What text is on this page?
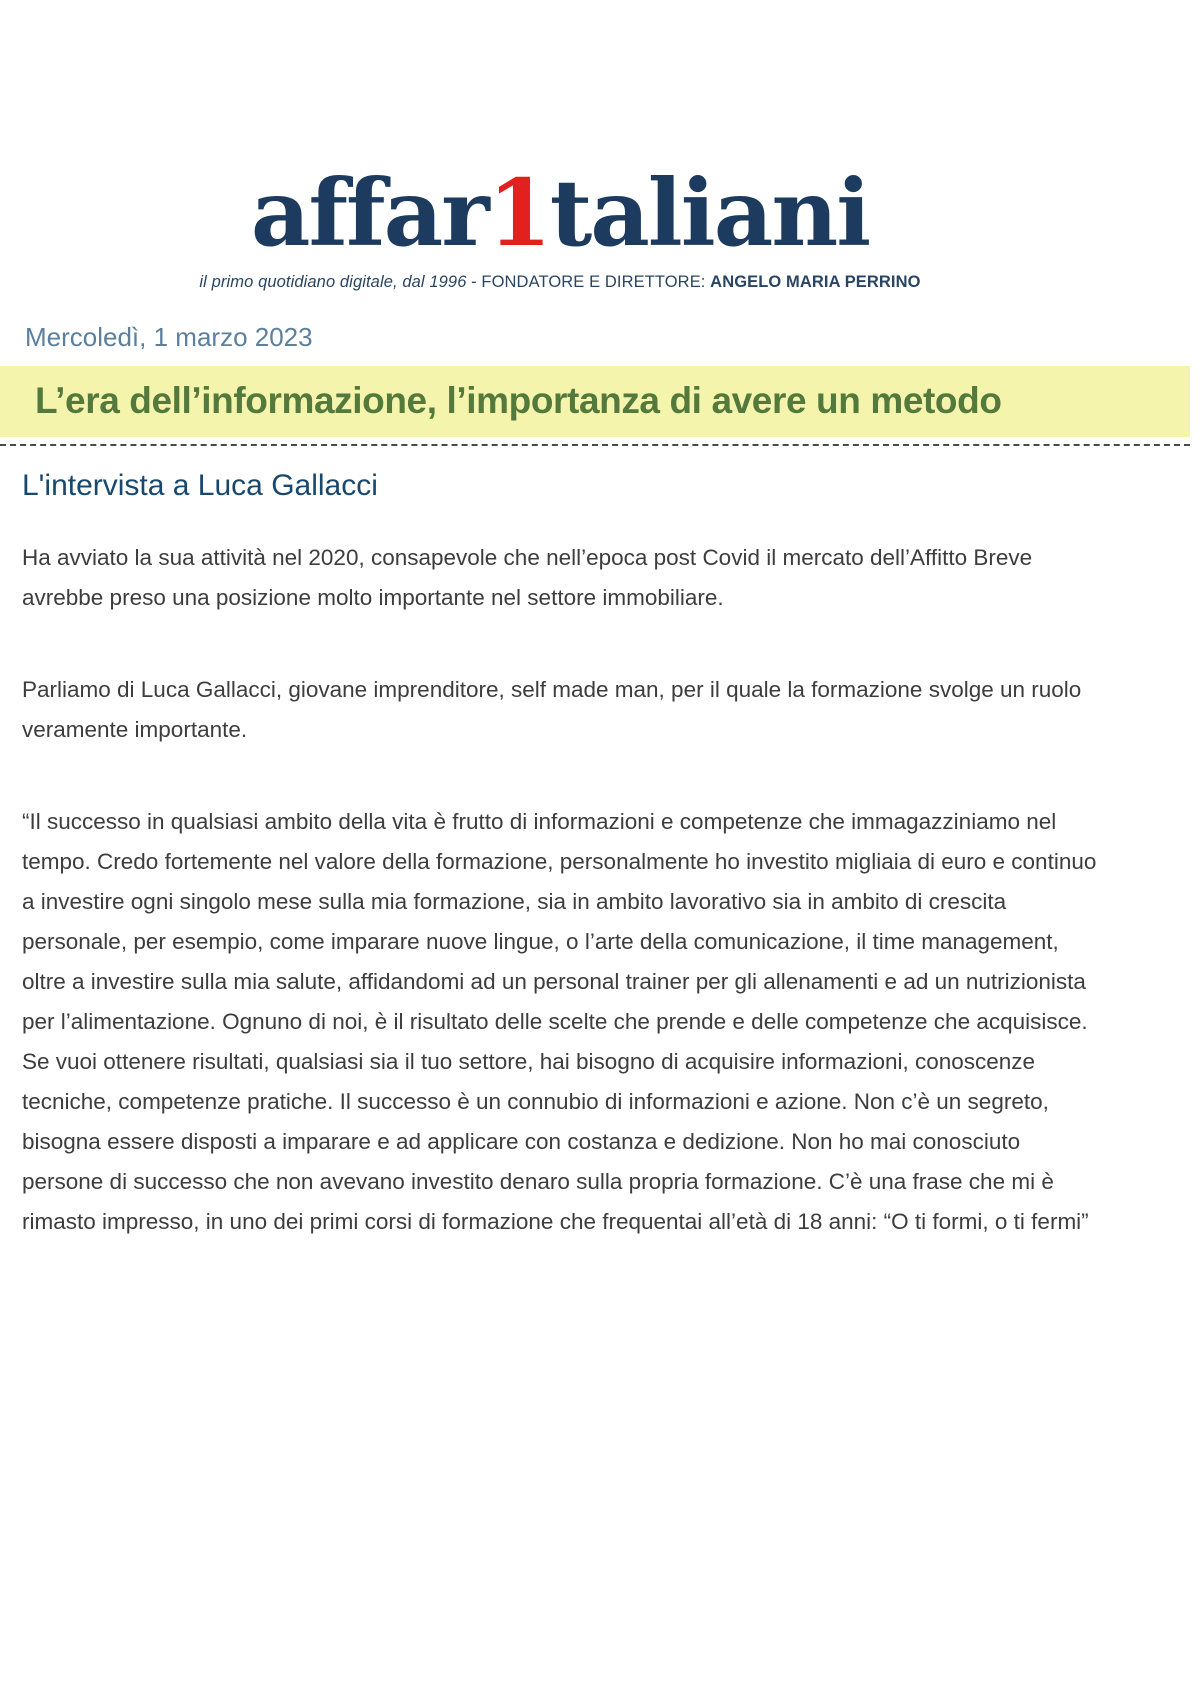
affar1taliani
il primo quotidiano digitale, dal 1996 - FONDATORE E DIRETTORE: ANGELO MARIA PERRINO
Mercoledì, 1 marzo 2023
L’era dell’informazione, l’importanza di avere un metodo
L'intervista a Luca Gallacci

Ha avviato la sua attività nel 2020, consapevole che nell’epoca post Covid il mercato dell’Affitto Breve avrebbe preso una posizione molto importante nel settore immobiliare.

Parliamo di Luca Gallacci, giovane imprenditore, self made man, per il quale la formazione svolge un ruolo veramente importante.

“Il successo in qualsiasi ambito della vita è frutto di informazioni e competenze che immagazziniamo nel tempo. Credo fortemente nel valore della formazione, personalmente ho investito migliaia di euro e continuo a investire ogni singolo mese sulla mia formazione, sia in ambito lavorativo sia in ambito di crescita personale, per esempio, come imparare nuove lingue, o l’arte della comunicazione, il time management, oltre a investire sulla mia salute, affidandomi ad un personal trainer per gli allenamenti e ad un nutrizionista per l’alimentazione. Ognuno di noi, è il risultato delle scelte che prende e delle competenze che acquisisce. Se vuoi ottenere risultati, qualsiasi sia il tuo settore, hai bisogno di acquisire informazioni, conoscenze tecniche, competenze pratiche. Il successo è un connubio di informazioni e azione. Non c’è un segreto, bisogna essere disposti a imparare e ad applicare con costanza e dedizione. Non ho mai conosciuto persone di successo che non avevano investito denaro sulla propria formazione. C’è una frase che mi è rimasto impresso, in uno dei primi corsi di formazione che frequentai all’età di 18 anni: “O ti formi, o ti fermi”
